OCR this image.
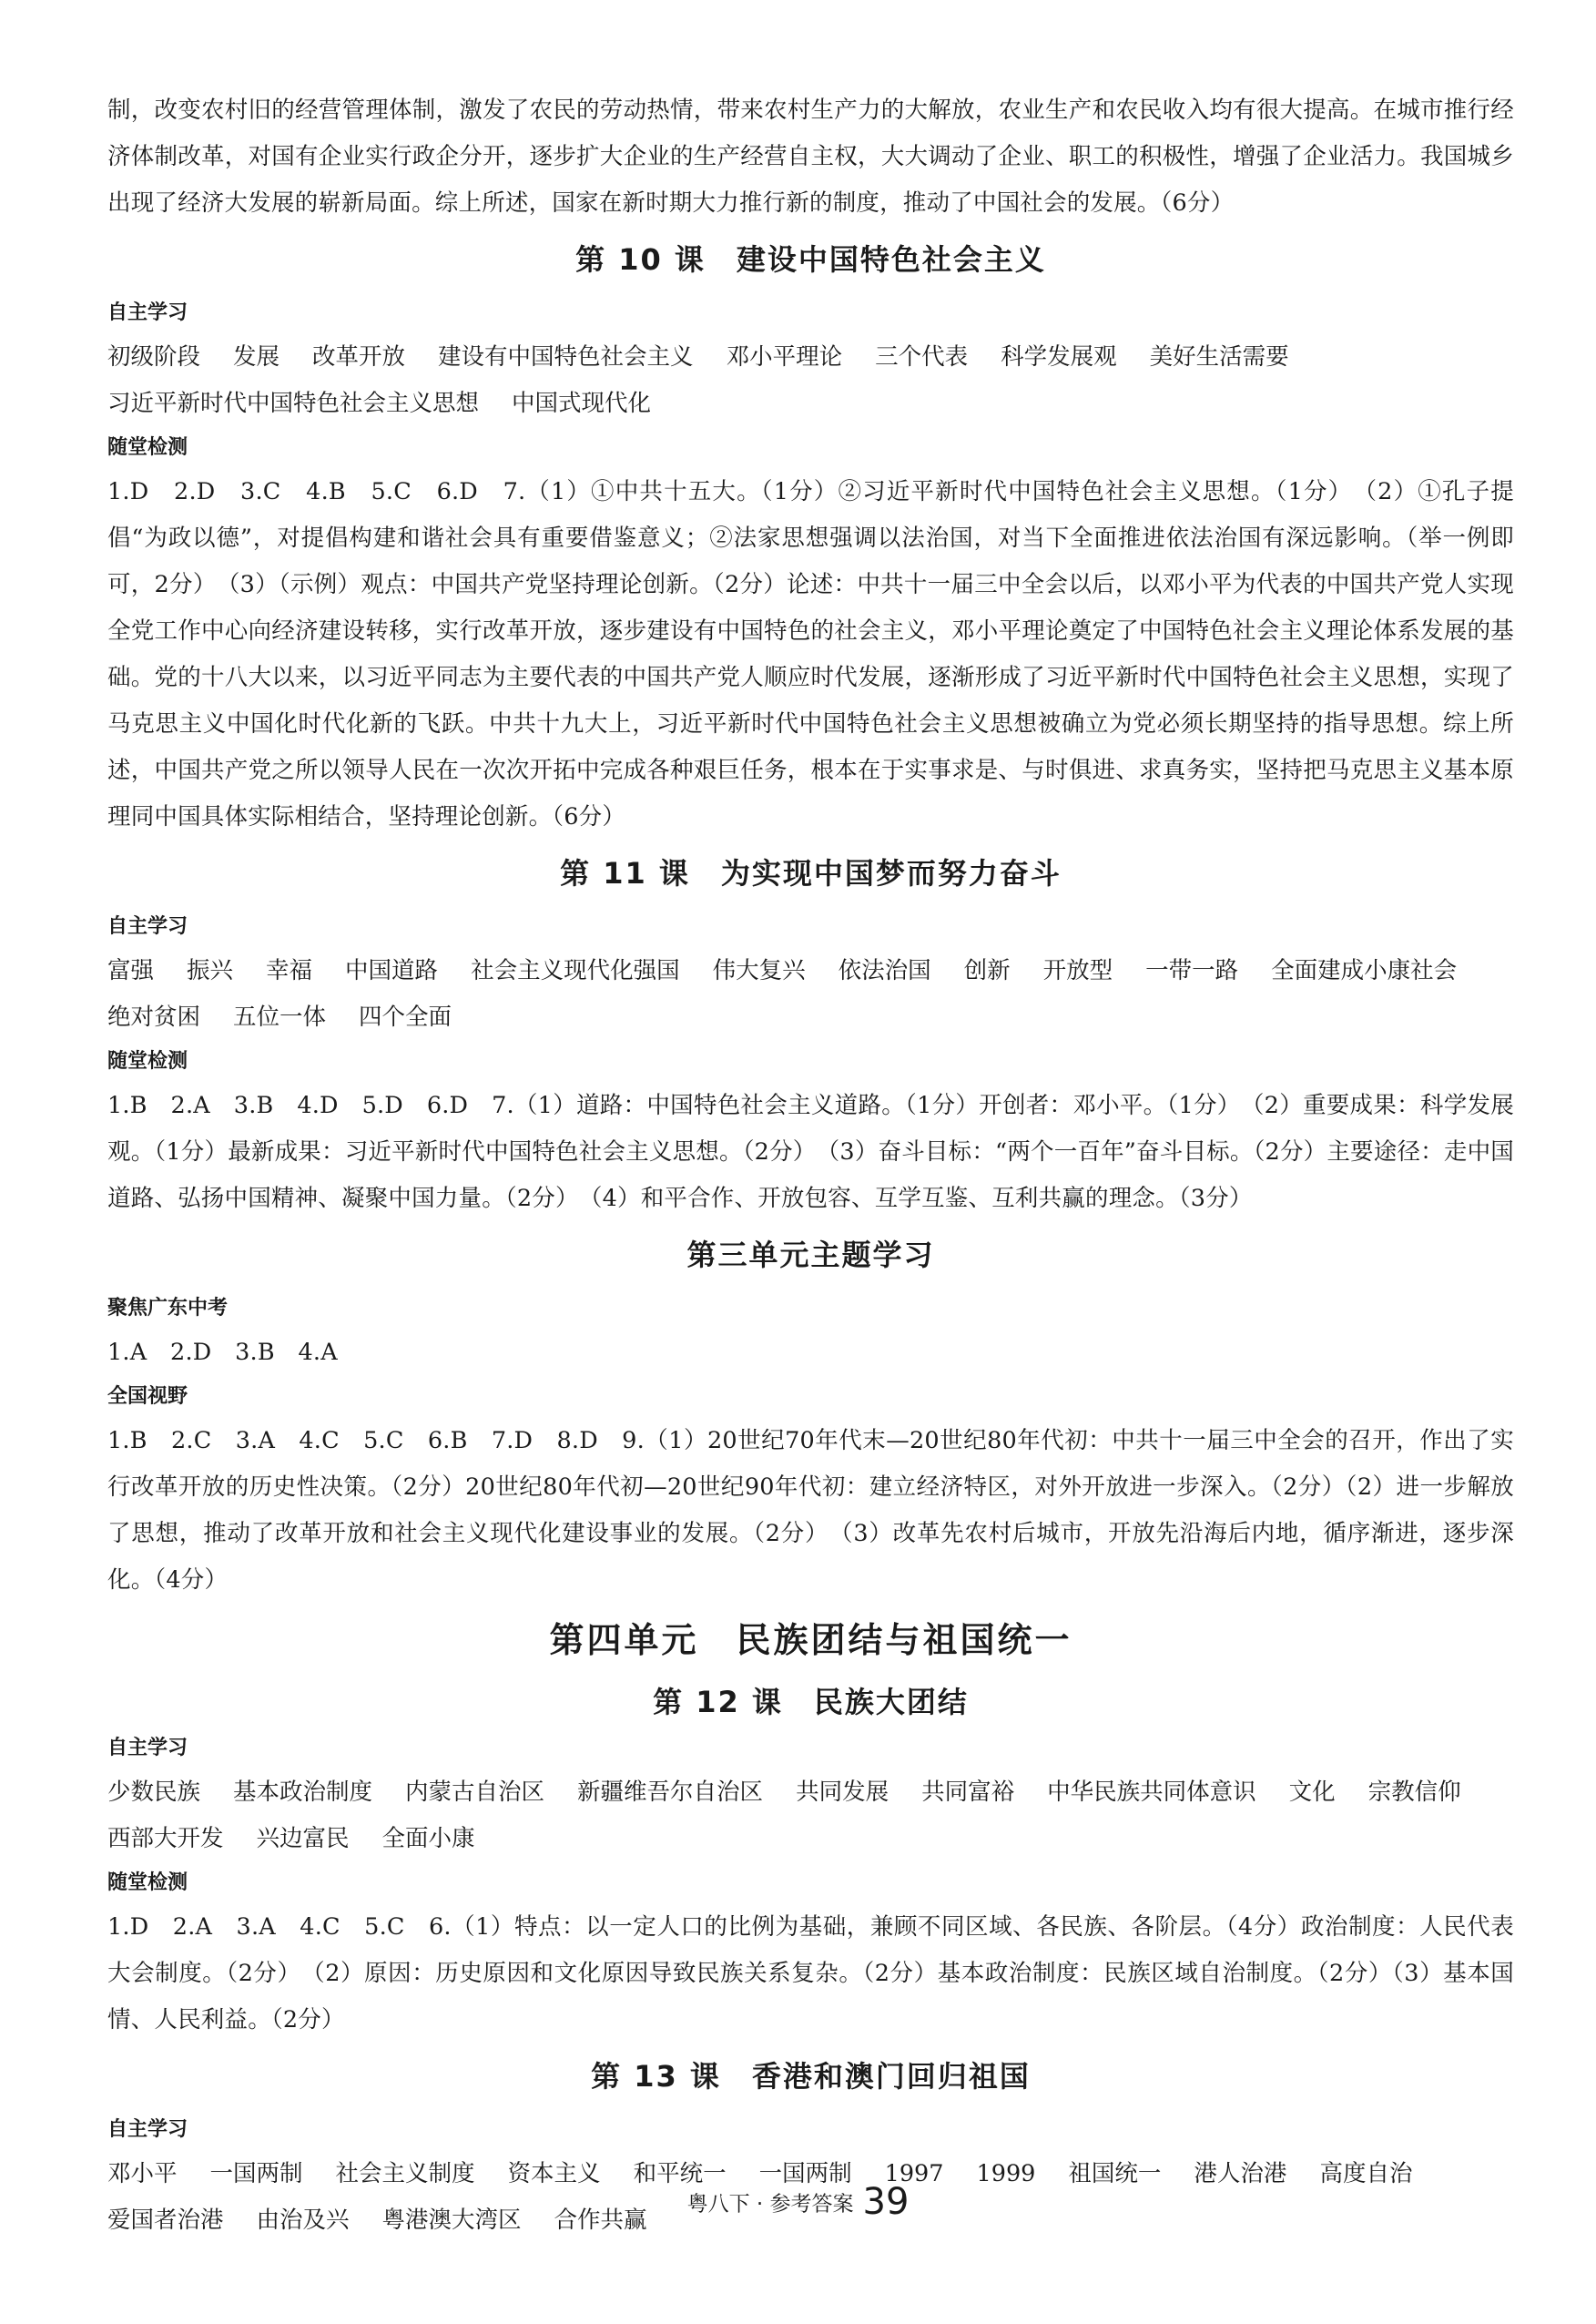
制，改变农村旧的经营管理体制，激发了农民的劳动热情，带来农村生产力的大解放，农业生产和农民收入均有很大提高。在城市推行经济体制改革，对国有企业实行政企分开，逐步扩大企业的生产经营自主权，大大调动了企业、职工的积极性，增强了企业活力。我国城乡出现了经济大发展的崭新局面。综上所述，国家在新时期大力推行新的制度，推动了中国社会的发展。（6分）

第 10 课　建设中国特色社会主义
自主学习

初级阶段 发展 改革开放 建设有中国特色社会主义 邓小平理论 三个代表 科学发展观 美好生活需要习近平新时代中国特色社会主义思想 中国式现代化

随堂检测

1.D　2.D　3.C　4.B　5.C　6.D　7.（1）①中共十五大。（1分）②习近平新时代中国特色社会主义思想。（1分）　（2）①孔子提倡“为政以德”，对提倡构建和谐社会具有重要借鉴意义；②法家思想强调以法治国，对当下全面推进依法治国有深远影响。（举一例即可，2分）　（3）（示例）观点：中国共产党坚持理论创新。（2分）论述：中共十一届三中全会以后，以邓小平为代表的中国共产党人实现全党工作中心向经济建设转移，实行改革开放，逐步建设有中国特色的社会主义，邓小平理论奠定了中国特色社会主义理论体系发展的基础。党的十八大以来，以习近平同志为主要代表的中国共产党人顺应时代发展，逐渐形成了习近平新时代中国特色社会主义思想，实现了马克思主义中国化时代化新的飞跃。中共十九大上，习近平新时代中国特色社会主义思想被确立为党必须长期坚持的指导思想。综上所述，中国共产党之所以领导人民在一次次开拓中完成各种艰巨任务，根本在于实事求是、与时俱进、求真务实，坚持把马克思主义基本原理同中国具体实际相结合，坚持理论创新。（6分）

第 11 课　为实现中国梦而努力奋斗
自主学习

富强 振兴 幸福 中国道路 社会主义现代化强国 伟大复兴 依法治国 创新 开放型 一带一路 全面建成小康社会绝对贫困 五位一体 四个全面

随堂检测

1.B　2.A　3.B　4.D　5.D　6.D　7.（1）道路：中国特色社会主义道路。（1分）开创者：邓小平。（1分）　（2）重要成果：科学发展观。（1分）最新成果：习近平新时代中国特色社会主义思想。（2分）　（3）奋斗目标：“两个一百年”奋斗目标。（2分）主要途径：走中国道路、弘扬中国精神、凝聚中国力量。（2分）　（4）和平合作、开放包容、互学互鉴、互利共赢的理念。（3分）

第三单元主题学习
聚焦广东中考

1.A　2.D　3.B　4.A

全国视野

1.B　2.C　3.A　4.C　5.C　6.B　7.D　8.D　9.（1）20世纪70年代末—20世纪80年代初：中共十一届三中全会的召开，作出了实行改革开放的历史性决策。（2分）20世纪80年代初—20世纪90年代初：建立经济特区，对外开放进一步深入。（2分）（2）进一步解放了思想，推动了改革开放和社会主义现代化建设事业的发展。（2分）　（3）改革先农村后城市，开放先沿海后内地，循序渐进，逐步深化。（4分）

第四单元　民族团结与祖国统一
第 12 课　民族大团结
自主学习

少数民族 基本政治制度 内蒙古自治区 新疆维吾尔自治区 共同发展 共同富裕 中华民族共同体意识 文化 宗教信仰西部大开发 兴边富民 全面小康

随堂检测

1.D　2.A　3.A　4.C　5.C　6.（1）特点：以一定人口的比例为基础，兼顾不同区域、各民族、各阶层。（4分）政治制度：人民代表大会制度。（2分）　（2）原因：历史原因和文化原因导致民族关系复杂。（2分）基本政治制度：民族区域自治制度。（2分）（3）基本国情、人民利益。（2分）

第 13 课　香港和澳门回归祖国
自主学习

邓小平 一国两制 社会主义制度 资本主义 和平统一 一国两制 1997 1999 祖国统一 港人治港 高度自治爱国者治港 由治及兴 粤港澳大湾区 合作共赢

粤八下 · 参考答案 39
